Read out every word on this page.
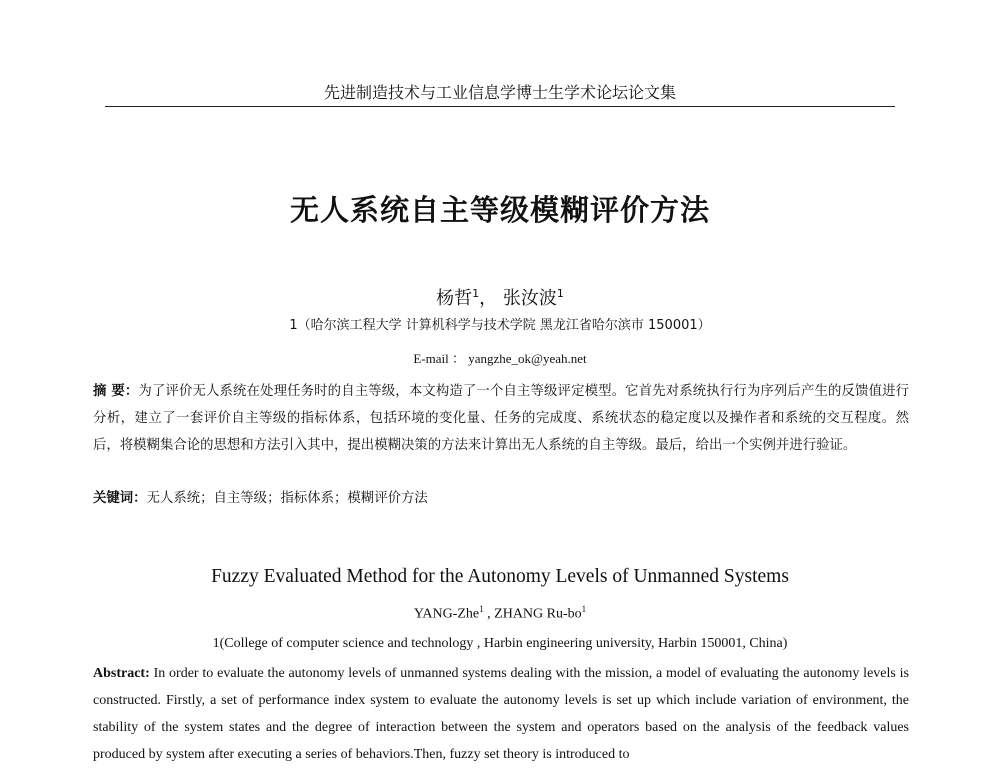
先进制造技术与工业信息学博士生学术论坛论文集
无人系统自主等级模糊评价方法
杨哲$^1$， 张汝波$^1$
1（哈尔滨工程大学 计算机科学与技术学院 黑龙江省哈尔滨市 150001）
E-mail ： yangzhe_ok@yeah.net

摘 要：为了评价无人系统在处理任务时的自主等级，本文构造了一个自主等级评定模型。它首先对系统执行行为序列后产生的反馈值进行分析，建立了一套评价自主等级的指标体系，包括环境的变化量、任务的完成度、系统状态的稳定度以及操作者和系统的交互程度。然后，将模糊集合论的思想和方法引入其中，提出模糊决策的方法来计算出无人系统的自主等级。最后，给出一个实例并进行验证。

关键词：无人系统；自主等级；指标体系；模糊评价方法

Fuzzy Evaluated Method for the Autonomy Levels of Unmanned Systems
YANG-Zhe$^1$ , ZHANG $Ru-bo^1$
1(College of computer science and technology , Harbin engineering university, Harbin 150001, China)

Abstract: In order to evaluate the autonomy levels of unmanned systems dealing with the mission, a model of evaluating the autonomy levels is constructed. Firstly, a set of performance index system to evaluate the autonomy levels is set up which include variation of environment, the stability of the system states and the degree of interaction between the system and operators based on the analysis of the feedback values produced by system after executing a series of behaviors.Then, fuzzy set theory is introduced to
